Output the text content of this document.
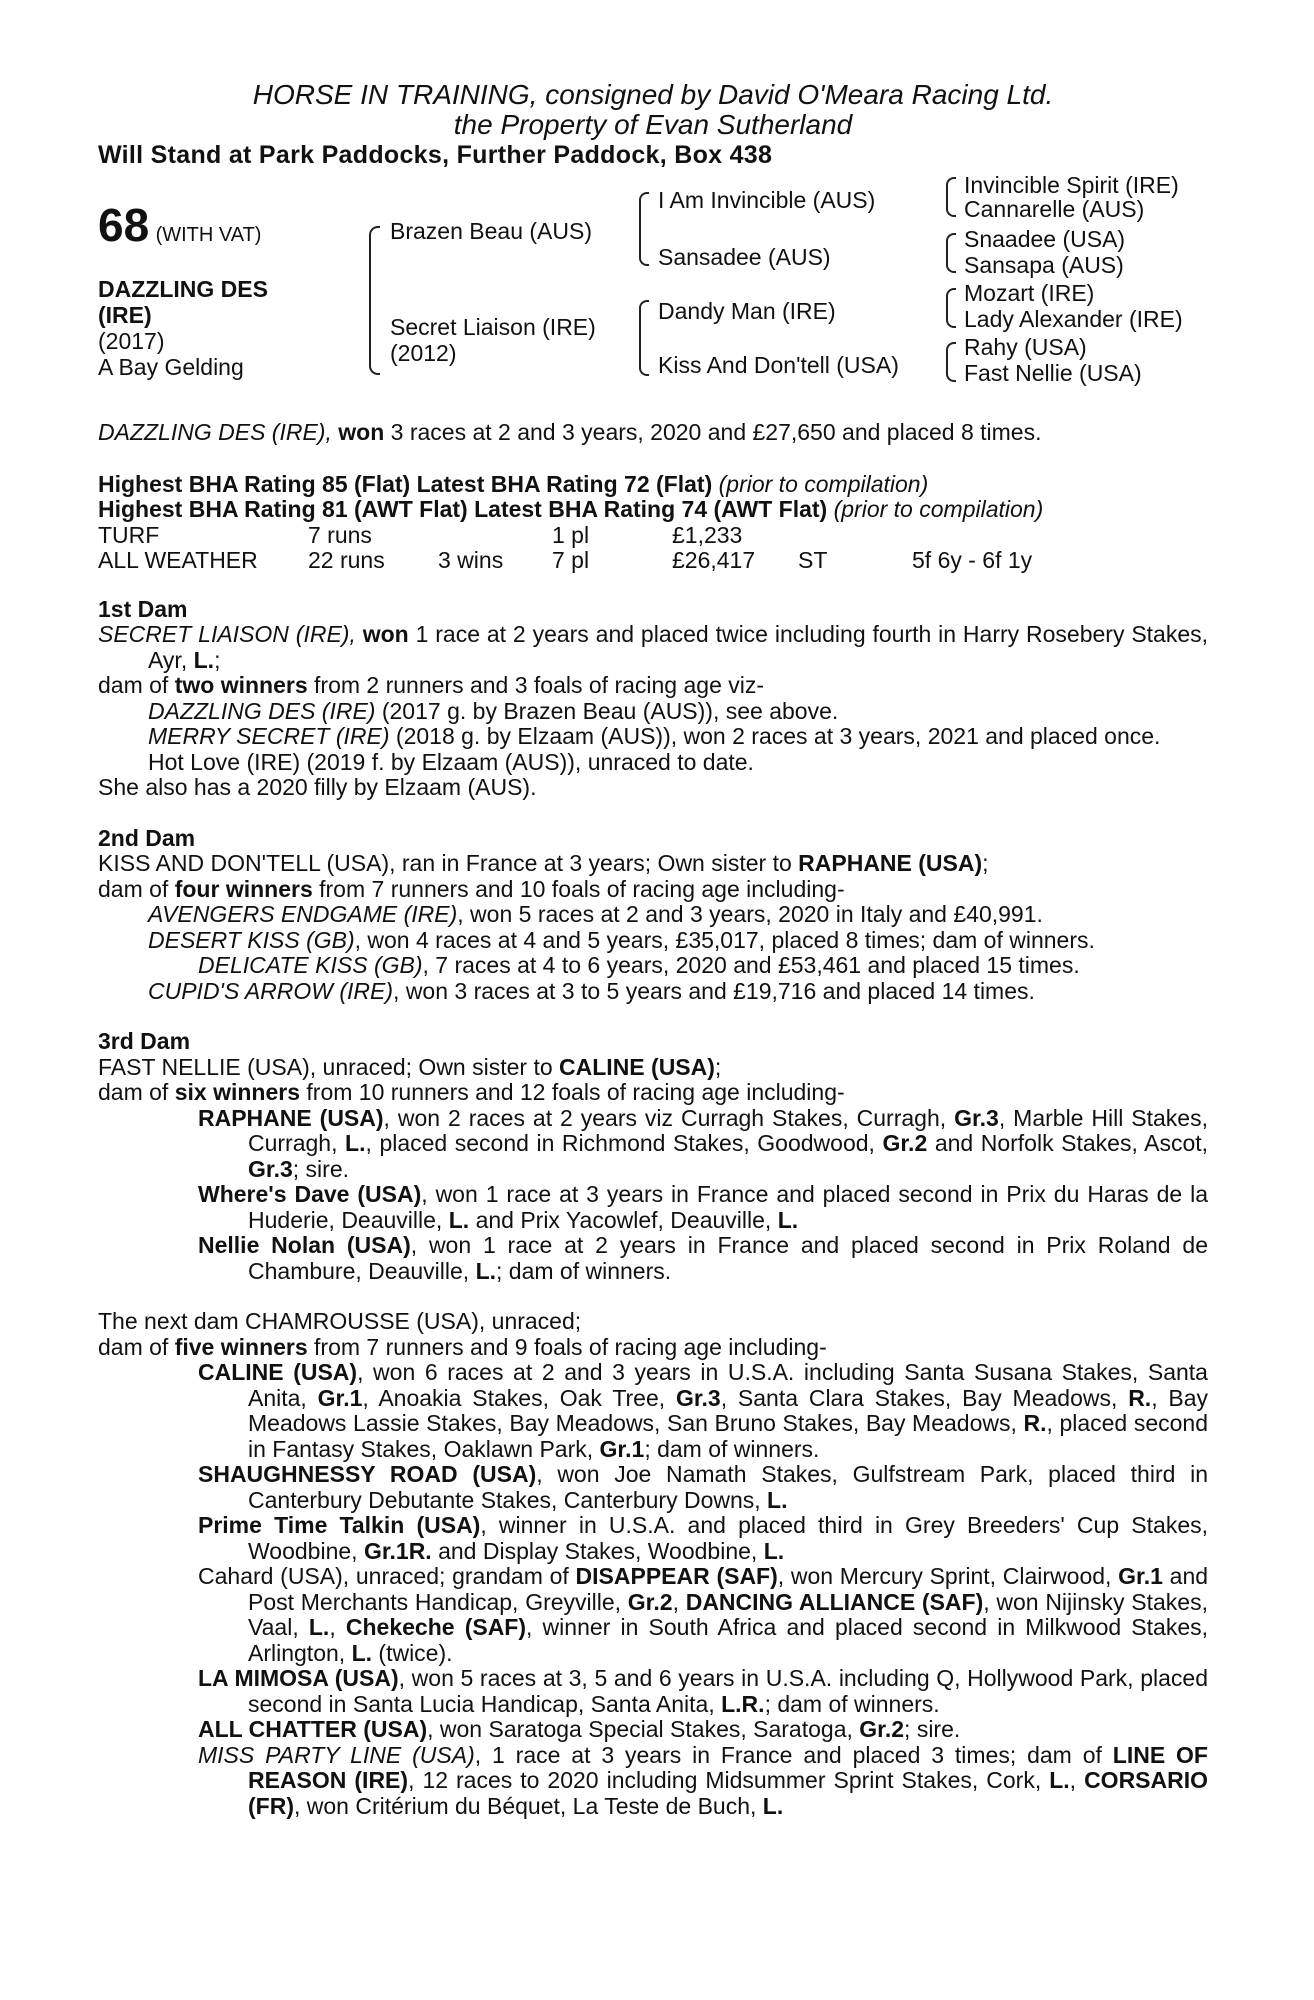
HORSE IN TRAINING, consigned by David O'Meara Racing Ltd.
the Property of Evan Sutherland
Will Stand at Park Paddocks, Further Paddock, Box 438
68 (WITH VAT)
DAZZLING DES
(IRE)
(2017)
A Bay Gelding
Brazen Beau (AUS)
Secret Liaison (IRE)
(2012)
I Am Invincible (AUS)
Sansadee (AUS)
Dandy Man (IRE)
Kiss And Don'tell (USA)
Invincible Spirit (IRE)
Cannarelle (AUS)
Snaadee (USA)
Sansapa (AUS)
Mozart (IRE)
Lady Alexander (IRE)
Rahy (USA)
Fast Nellie (USA)

DAZZLING DES (IRE), won 3 races at 2 and 3 years, 2020 and £27,650 and placed 8 times.

Highest BHA Rating 85 (Flat) Latest BHA Rating 72 (Flat) (prior to compilation)

Highest BHA Rating 81 (AWT Flat) Latest BHA Rating 74 (AWT Flat) (prior to compilation)

TURF	7 runs		1 pl	£1,233		
ALL WEATHER	22 runs	3 wins	7 pl	£26,417	ST	5f 6y - 6f 1y

1st Dam

SECRET LIAISON (IRE), won 1 race at 2 years and placed twice including fourth in Harry Rosebery Stakes, Ayr, L.;

dam of two winners from 2 runners and 3 foals of racing age viz-

DAZZLING DES (IRE) (2017 g. by Brazen Beau (AUS)), see above.

MERRY SECRET (IRE) (2018 g. by Elzaam (AUS)), won 2 races at 3 years, 2021 and placed once.

Hot Love (IRE) (2019 f. by Elzaam (AUS)), unraced to date.

She also has a 2020 filly by Elzaam (AUS).

2nd Dam

KISS AND DON'TELL (USA), ran in France at 3 years; Own sister to RAPHANE (USA);

dam of four winners from 7 runners and 10 foals of racing age including-

AVENGERS ENDGAME (IRE), won 5 races at 2 and 3 years, 2020 in Italy and £40,991.

DESERT KISS (GB), won 4 races at 4 and 5 years, £35,017, placed 8 times; dam of winners.

DELICATE KISS (GB), 7 races at 4 to 6 years, 2020 and £53,461 and placed 15 times.

CUPID'S ARROW (IRE), won 3 races at 3 to 5 years and £19,716 and placed 14 times.

3rd Dam

FAST NELLIE (USA), unraced; Own sister to CALINE (USA);

dam of six winners from 10 runners and 12 foals of racing age including-

RAPHANE (USA), won 2 races at 2 years viz Curragh Stakes, Curragh, Gr.3, Marble Hill Stakes, Curragh, L., placed second in Richmond Stakes, Goodwood, Gr.2 and Norfolk Stakes, Ascot, Gr.3; sire.

Where's Dave (USA), won 1 race at 3 years in France and placed second in Prix du Haras de la Huderie, Deauville, L. and Prix Yacowlef, Deauville, L.

Nellie Nolan (USA), won 1 race at 2 years in France and placed second in Prix Roland de Chambure, Deauville, L.; dam of winners.

The next dam CHAMROUSSE (USA), unraced;

dam of five winners from 7 runners and 9 foals of racing age including-

CALINE (USA), won 6 races at 2 and 3 years in U.S.A. including Santa Susana Stakes, Santa Anita, Gr.1, Anoakia Stakes, Oak Tree, Gr.3, Santa Clara Stakes, Bay Meadows, R., Bay Meadows Lassie Stakes, Bay Meadows, San Bruno Stakes, Bay Meadows, R., placed second in Fantasy Stakes, Oaklawn Park, Gr.1; dam of winners.

SHAUGHNESSY ROAD (USA), won Joe Namath Stakes, Gulfstream Park, placed third in Canterbury Debutante Stakes, Canterbury Downs, L.

Prime Time Talkin (USA), winner in U.S.A. and placed third in Grey Breeders' Cup Stakes, Woodbine, Gr.1R. and Display Stakes, Woodbine, L.

Cahard (USA), unraced; grandam of DISAPPEAR (SAF), won Mercury Sprint, Clairwood, Gr.1 and Post Merchants Handicap, Greyville, Gr.2, DANCING ALLIANCE (SAF), won Nijinsky Stakes, Vaal, L., Chekeche (SAF), winner in South Africa and placed second in Milkwood Stakes, Arlington, L. (twice).

LA MIMOSA (USA), won 5 races at 3, 5 and 6 years in U.S.A. including Q, Hollywood Park, placed second in Santa Lucia Handicap, Santa Anita, L.R.; dam of winners.

ALL CHATTER (USA), won Saratoga Special Stakes, Saratoga, Gr.2; sire.

MISS PARTY LINE (USA), 1 race at 3 years in France and placed 3 times; dam of LINE OF REASON (IRE), 12 races to 2020 including Midsummer Sprint Stakes, Cork, L., CORSARIO (FR), won Critérium du Béquet, La Teste de Buch, L.
